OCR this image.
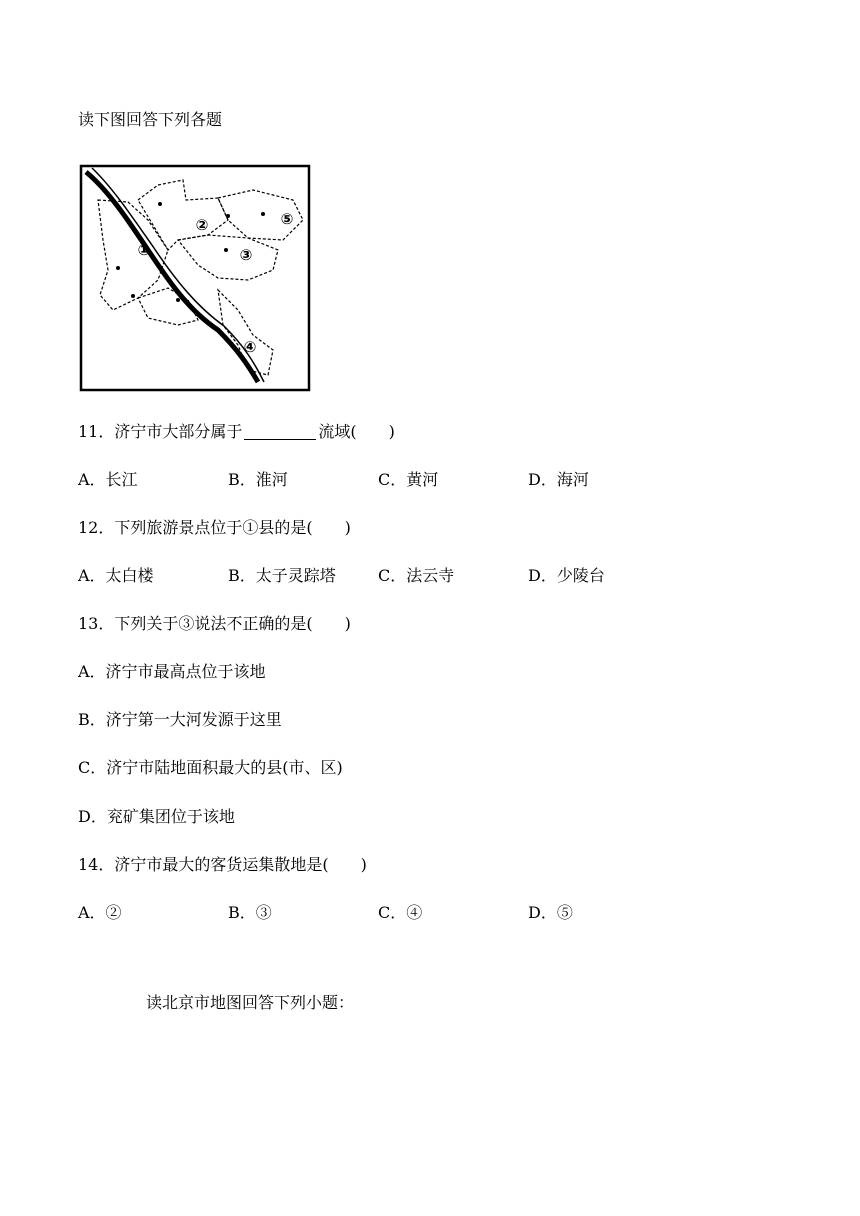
读下图回答下列各题
①
②
③
④
⑤
11．济宁市大部分属于	流域(　　)
A．长江	B．淮河	C．黄河	D．海河
12．下列旅游景点位于①县的是(　　)
A．太白楼	B．太子灵踪塔	C．法云寺	D．少陵台
13．下列关于③说法不正确的是(　　)
A．济宁市最高点位于该地
B．济宁第一大河发源于这里
C．济宁市陆地面积最大的县(市、区)
D．兖矿集团位于该地
14．济宁市最大的客货运集散地是(　　)
A．②	B．③	C．④	D．⑤
读北京市地图回答下列小题：
